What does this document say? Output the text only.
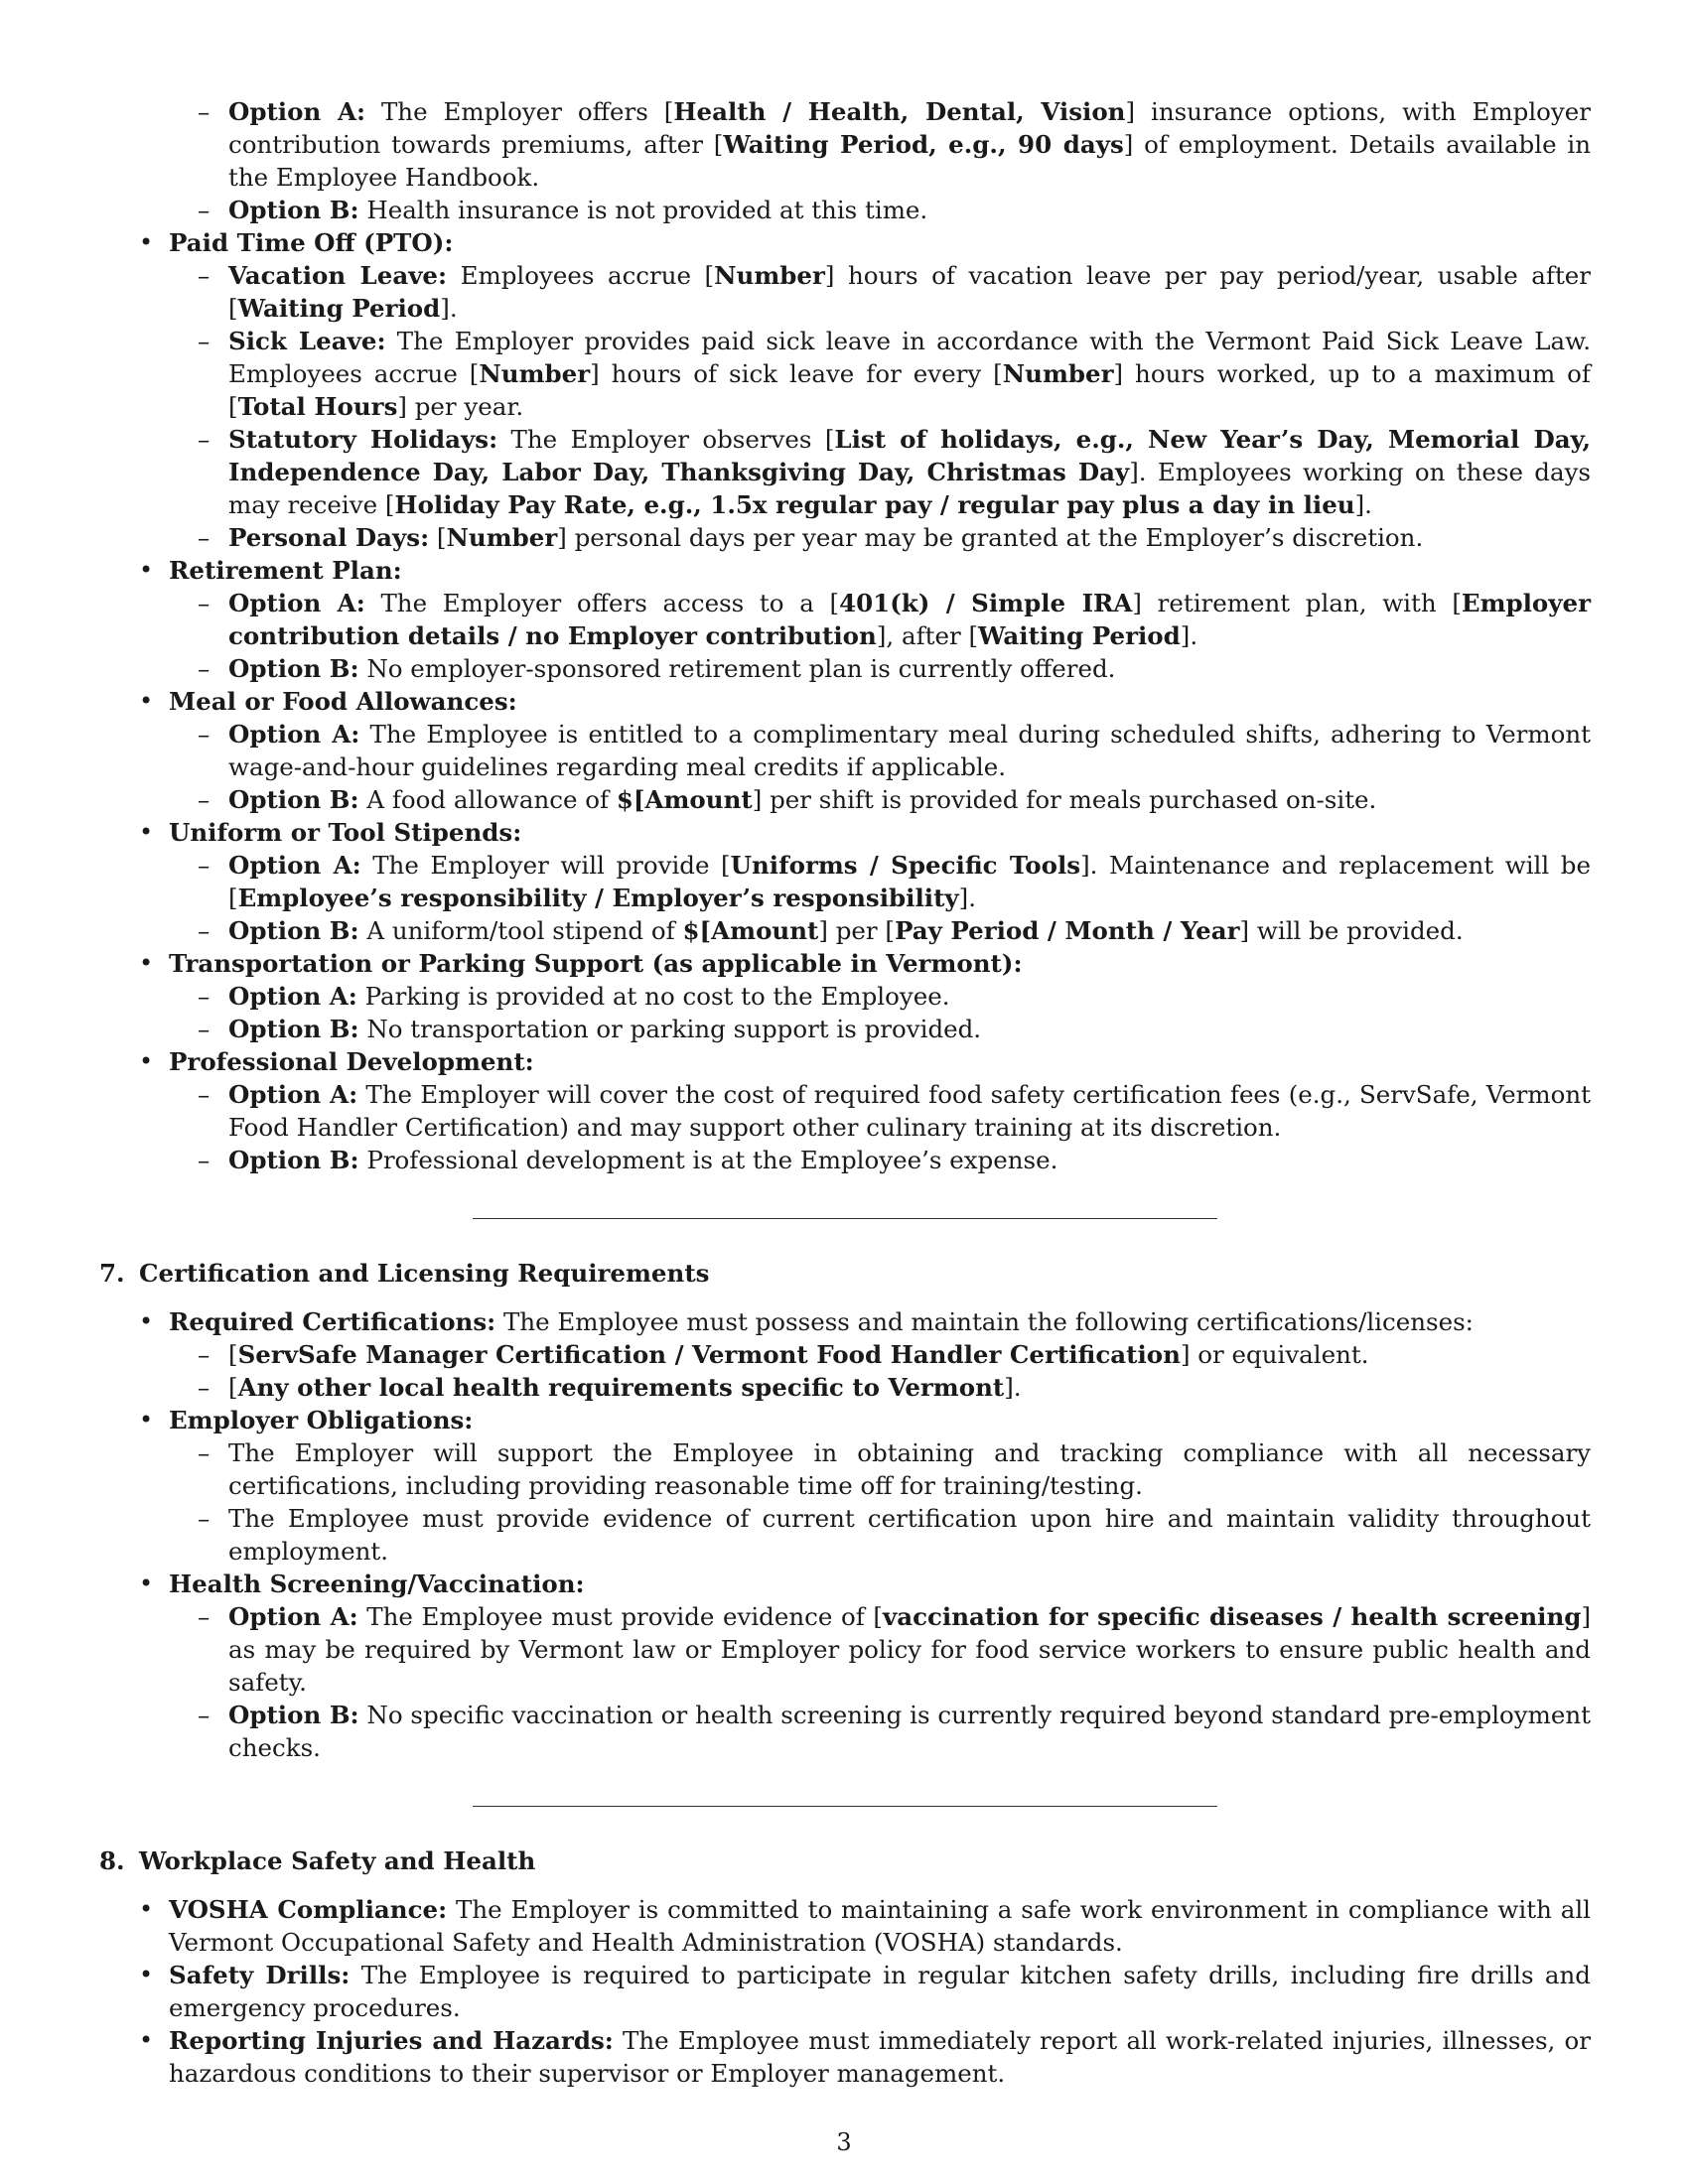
– Option A: The Employer offers [Health / Health, Dental, Vision] insurance options, with Employer contribution towards premiums, after [Waiting Period, e.g., 90 days] of employment. Details available in the Employee Handbook.
– Option B: Health insurance is not provided at this time.
• Paid Time Off (PTO):
– Vacation Leave: Employees accrue [Number] hours of vacation leave per pay period/year, usable after [Waiting Period].
– Sick Leave: The Employer provides paid sick leave in accordance with the Vermont Paid Sick Leave Law. Employees accrue [Number] hours of sick leave for every [Number] hours worked, up to a maximum of [Total Hours] per year.
– Statutory Holidays: The Employer observes [List of holidays, e.g., New Year’s Day, Memorial Day, Independence Day, Labor Day, Thanksgiving Day, Christmas Day]. Employees working on these days may receive [Holiday Pay Rate, e.g., 1.5x regular pay / regular pay plus a day in lieu].
– Personal Days: [Number] personal days per year may be granted at the Employer’s discretion.
• Retirement Plan:
– Option A: The Employer offers access to a [401(k) / Simple IRA] retirement plan, with [Employer contribution details / no Employer contribution], after [Waiting Period].
– Option B: No employer-sponsored retirement plan is currently offered.
• Meal or Food Allowances:
– Option A: The Employee is entitled to a complimentary meal during scheduled shifts, adhering to Vermont wage-and-hour guidelines regarding meal credits if applicable.
– Option B: A food allowance of $[Amount] per shift is provided for meals purchased on-site.
• Uniform or Tool Stipends:
– Option A: The Employer will provide [Uniforms / Specific Tools]. Maintenance and replacement will be [Employee’s responsibility / Employer’s responsibility].
– Option B: A uniform/tool stipend of $[Amount] per [Pay Period / Month / Year] will be provided.
• Transportation or Parking Support (as applicable in Vermont):
– Option A: Parking is provided at no cost to the Employee.
– Option B: No transportation or parking support is provided.
• Professional Development:
– Option A: The Employer will cover the cost of required food safety certification fees (e.g., ServSafe, Vermont Food Handler Certification) and may support other culinary training at its discretion.
– Option B: Professional development is at the Employee’s expense.
7. Certification and Licensing Requirements
• Required Certifications: The Employee must possess and maintain the following certifications/licenses:
– [ServSafe Manager Certification / Vermont Food Handler Certification] or equivalent.
– [Any other local health requirements specific to Vermont].
• Employer Obligations:
– The Employer will support the Employee in obtaining and tracking compliance with all necessary certifications, including providing reasonable time off for training/testing.
– The Employee must provide evidence of current certification upon hire and maintain validity throughout employment.
• Health Screening/Vaccination:
– Option A: The Employee must provide evidence of [vaccination for specific diseases / health screening] as may be required by Vermont law or Employer policy for food service workers to ensure public health and safety.
– Option B: No specific vaccination or health screening is currently required beyond standard pre-employment checks.
8. Workplace Safety and Health
• VOSHA Compliance: The Employer is committed to maintaining a safe work environment in compliance with all Vermont Occupational Safety and Health Administration (VOSHA) standards.
• Safety Drills: The Employee is required to participate in regular kitchen safety drills, including fire drills and emergency procedures.
• Reporting Injuries and Hazards: The Employee must immediately report all work-related injuries, illnesses, or hazardous conditions to their supervisor or Employer management.
3
